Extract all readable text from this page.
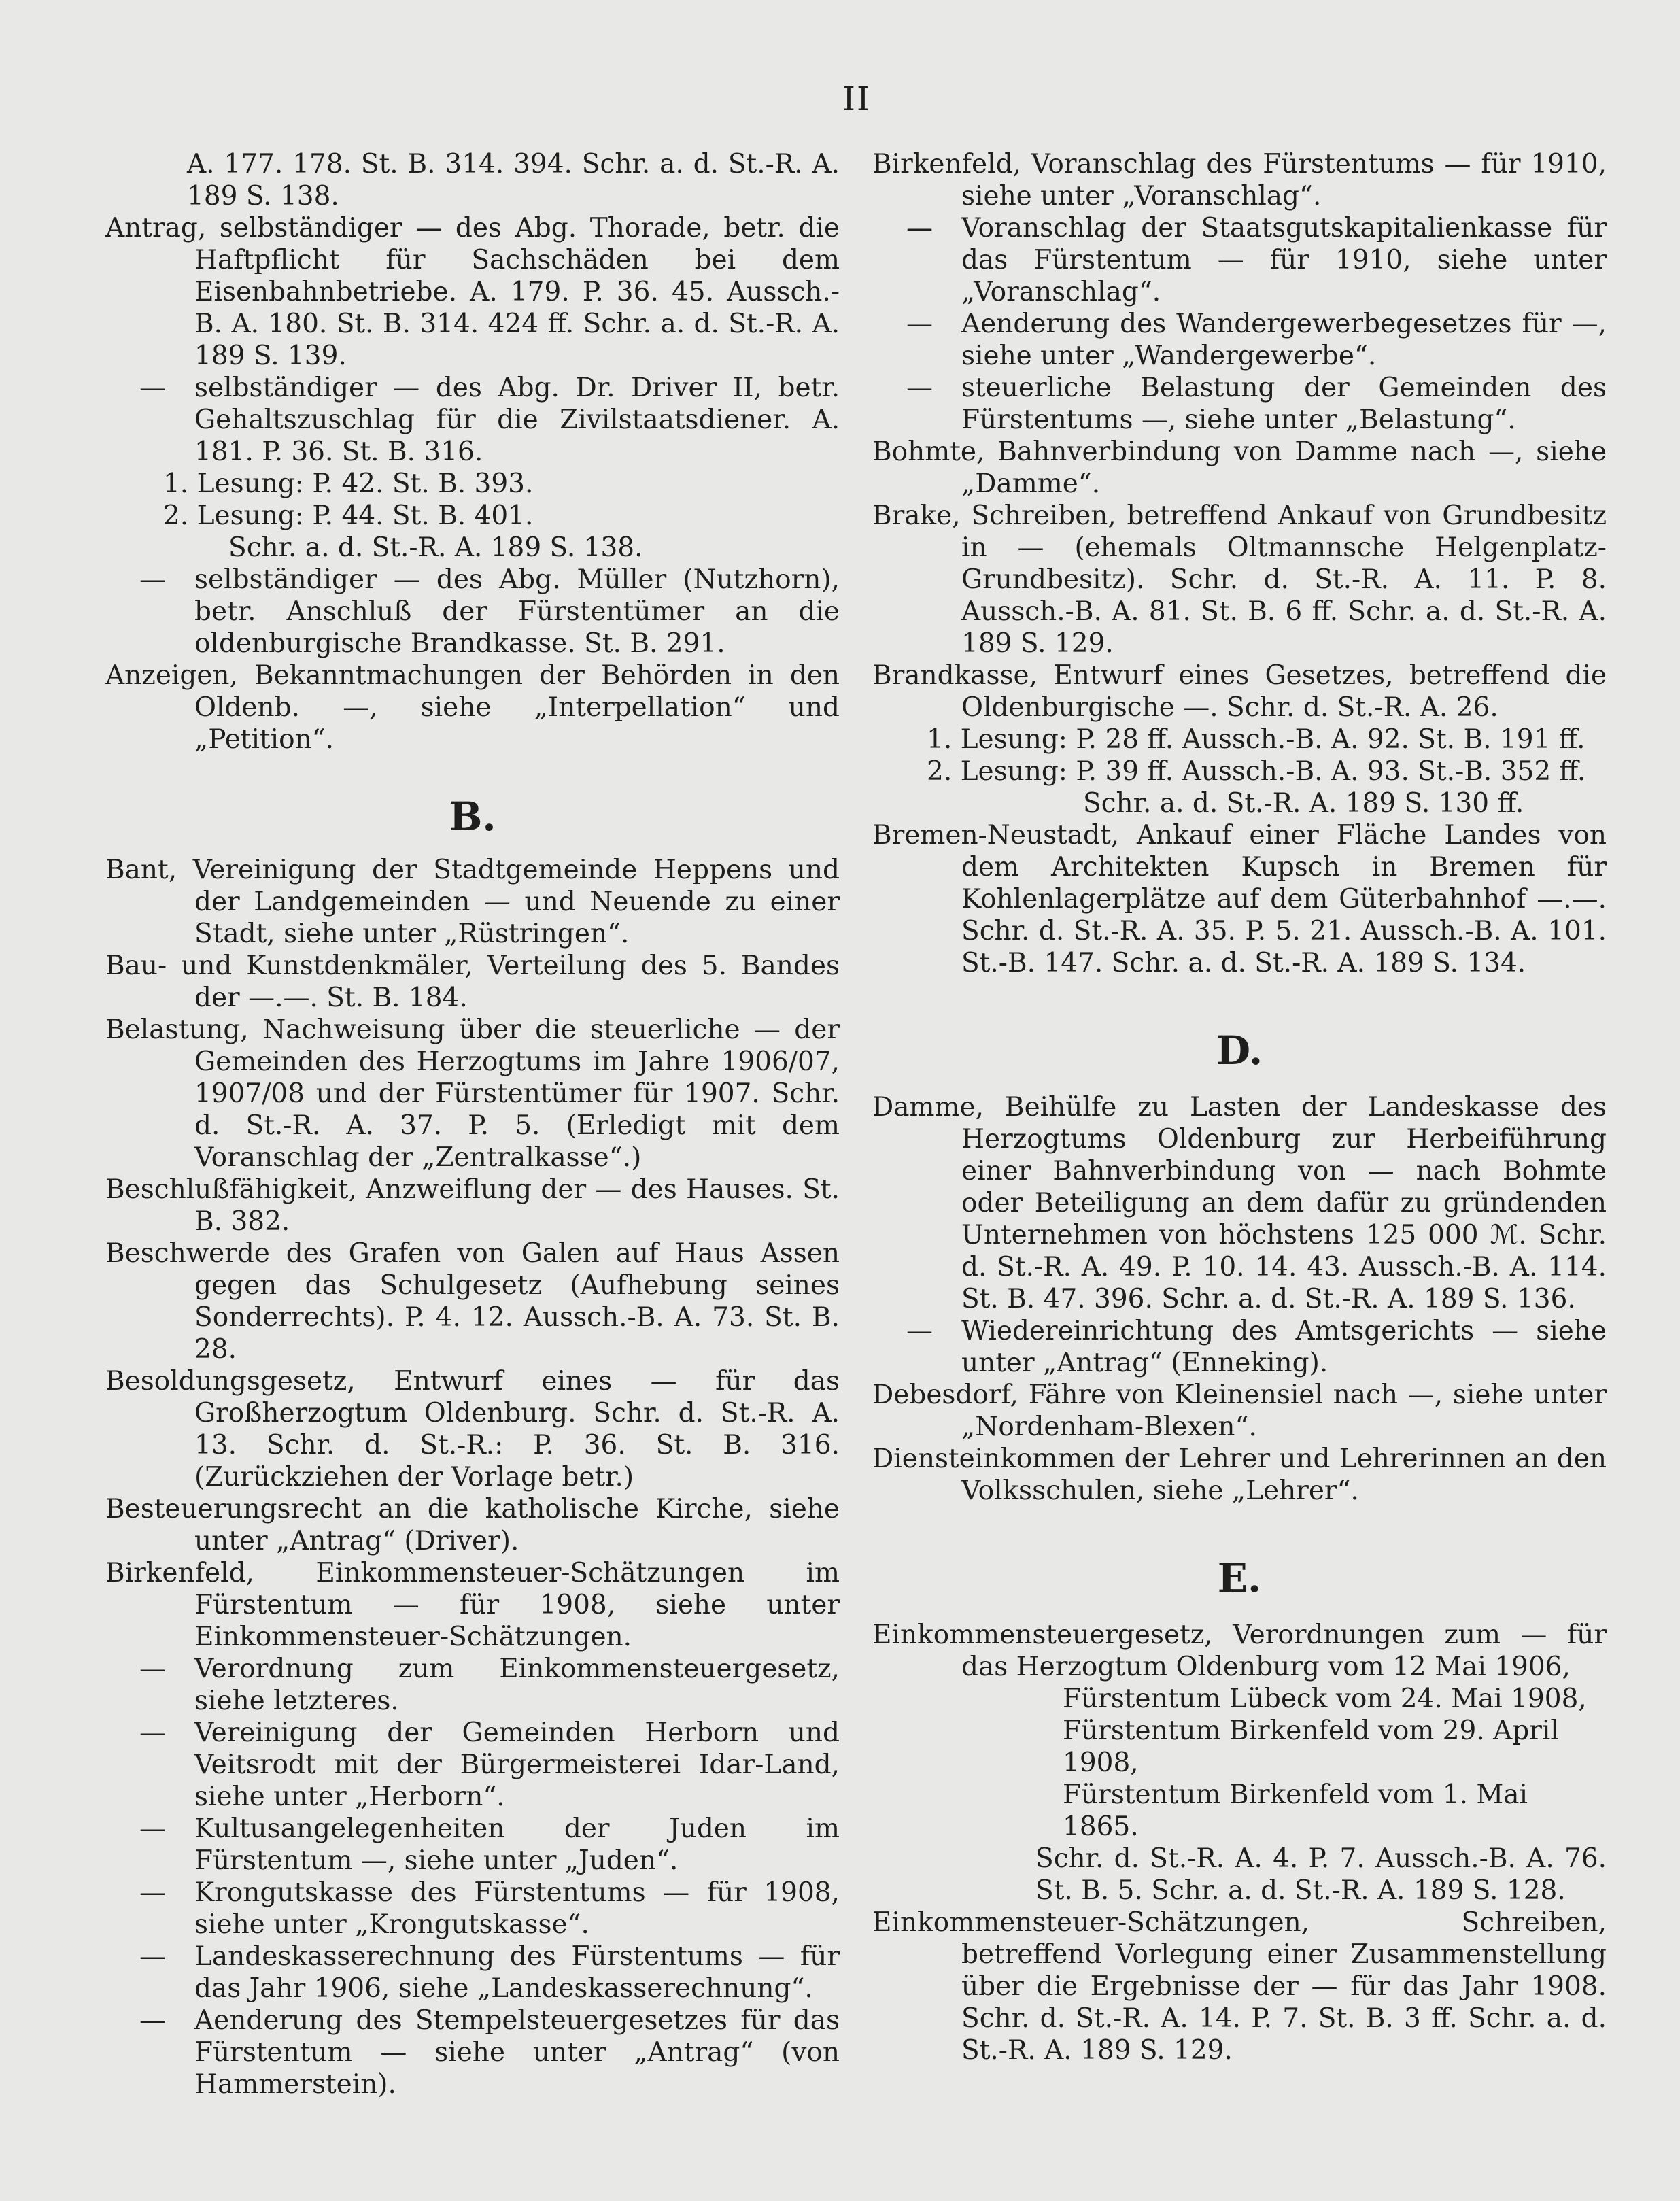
II

A. 177. 178. St. B. 314. 394. Schr. a. d. St.-R. A. 189 S. 138.

Antrag, selbständiger — des Abg. Thorade, betr. die Haftpflicht für Sachschäden bei dem Eisenbahnbetriebe. A. 179. P. 36. 45. Aussch.-B. A. 180. St. B. 314. 424 ff. Schr. a. d. St.-R. A. 189 S. 139.

— selbständiger — des Abg. Dr. Driver II, betr. Gehaltszuschlag für die Zivilstaatsdiener. A. 181. P. 36. St. B. 316.

1. Lesung: P. 42. St. B. 393.

2. Lesung: P. 44. St. B. 401.

Schr. a. d. St.-R. A. 189 S. 138.

— selbständiger — des Abg. Müller (Nutzhorn), betr. Anschluß der Fürstentümer an die oldenburgische Brandkasse. St. B. 291.

Anzeigen, Bekanntmachungen der Behörden in den Oldenb. —, siehe „Interpellation“ und „Petition“.

B.

Bant, Vereinigung der Stadtgemeinde Heppens und der Landgemeinden — und Neuende zu einer Stadt, siehe unter „Rüstringen“.

Bau- und Kunstdenkmäler, Verteilung des 5. Bandes der —.—. St. B. 184.

Belastung, Nachweisung über die steuerliche — der Gemeinden des Herzogtums im Jahre 1906/07, 1907/08 und der Fürstentümer für 1907. Schr. d. St.-R. A. 37. P. 5. (Erledigt mit dem Voranschlag der „Zentralkasse“.)

Beschlußfähigkeit, Anzweiflung der — des Hauses. St. B. 382.

Beschwerde des Grafen von Galen auf Haus Assen gegen das Schulgesetz (Aufhebung seines Sonderrechts). P. 4. 12. Aussch.-B. A. 73. St. B. 28.

Besoldungsgesetz, Entwurf eines — für das Großherzogtum Oldenburg. Schr. d. St.-R. A. 13. Schr. d. St.-R.: P. 36. St. B. 316. (Zurückziehen der Vorlage betr.)

Besteuerungsrecht an die katholische Kirche, siehe unter „Antrag“ (Driver).

Birkenfeld, Einkommensteuer-Schätzungen im Fürstentum — für 1908, siehe unter Einkommensteuer-Schätzungen.

— Verordnung zum Einkommensteuergesetz, siehe letzteres.

— Vereinigung der Gemeinden Herborn und Veitsrodt mit der Bürgermeisterei Idar-Land, siehe unter „Herborn“.

— Kultusangelegenheiten der Juden im Fürstentum —, siehe unter „Juden“.

— Krongutskasse des Fürstentums — für 1908, siehe unter „Krongutskasse“.

— Landeskasserechnung des Fürstentums — für das Jahr 1906, siehe „Landeskasserechnung“.

— Aenderung des Stempelsteuergesetzes für das Fürstentum — siehe unter „Antrag“ (von Hammerstein).

Birkenfeld, Voranschlag des Fürstentums — für 1910, siehe unter „Voranschlag“.

— Voranschlag der Staatsgutskapitalienkasse für das Fürstentum — für 1910, siehe unter „Voranschlag“.

— Aenderung des Wandergewerbegesetzes für —, siehe unter „Wandergewerbe“.

— steuerliche Belastung der Gemeinden des Fürstentums —, siehe unter „Belastung“.

Bohmte, Bahnverbindung von Damme nach —, siehe „Damme“.

Brake, Schreiben, betreffend Ankauf von Grundbesitz in — (ehemals Oltmannsche Helgenplatz-Grundbesitz). Schr. d. St.-R. A. 11. P. 8. Aussch.-B. A. 81. St. B. 6 ff. Schr. a. d. St.-R. A. 189 S. 129.

Brandkasse, Entwurf eines Gesetzes, betreffend die Oldenburgische —. Schr. d. St.-R. A. 26.

1. Lesung: P. 28 ff. Aussch.-B. A. 92. St. B. 191 ff.

2. Lesung: P. 39 ff. Aussch.-B. A. 93. St.-B. 352 ff.

Schr. a. d. St.-R. A. 189 S. 130 ff.

Bremen-Neustadt, Ankauf einer Fläche Landes von dem Architekten Kupsch in Bremen für Kohlenlagerplätze auf dem Güterbahnhof —.—. Schr. d. St.-R. A. 35. P. 5. 21. Aussch.-B. A. 101. St.-B. 147. Schr. a. d. St.-R. A. 189 S. 134.

D.

Damme, Beihülfe zu Lasten der Landeskasse des Herzogtums Oldenburg zur Herbeiführung einer Bahnverbindung von — nach Bohmte oder Beteiligung an dem dafür zu gründenden Unternehmen von höchstens 125 000 ℳ. Schr. d. St.-R. A. 49. P. 10. 14. 43. Aussch.-B. A. 114. St. B. 47. 396. Schr. a. d. St.-R. A. 189 S. 136.

— Wiedereinrichtung des Amtsgerichts — siehe unter „Antrag“ (Enneking).

Debesdorf, Fähre von Kleinensiel nach —, siehe unter „Nordenham-Blexen“.

Diensteinkommen der Lehrer und Lehrerinnen an den Volksschulen, siehe „Lehrer“.

E.

Einkommensteuergesetz, Verordnungen zum — für das Herzogtum Oldenburg vom 12 Mai 1906,

Fürstentum Lübeck vom 24. Mai 1908,

Fürstentum Birkenfeld vom 29. April 1908,

Fürstentum Birkenfeld vom 1. Mai 1865.

Schr. d. St.-R. A. 4. P. 7. Aussch.-B. A. 76. St. B. 5. Schr. a. d. St.-R. A. 189 S. 128.

Einkommensteuer-Schätzungen, Schreiben, betreffend Vorlegung einer Zusammenstellung über die Ergebnisse der — für das Jahr 1908. Schr. d. St.-R. A. 14. P. 7. St. B. 3 ff. Schr. a. d. St.-R. A. 189 S. 129.
